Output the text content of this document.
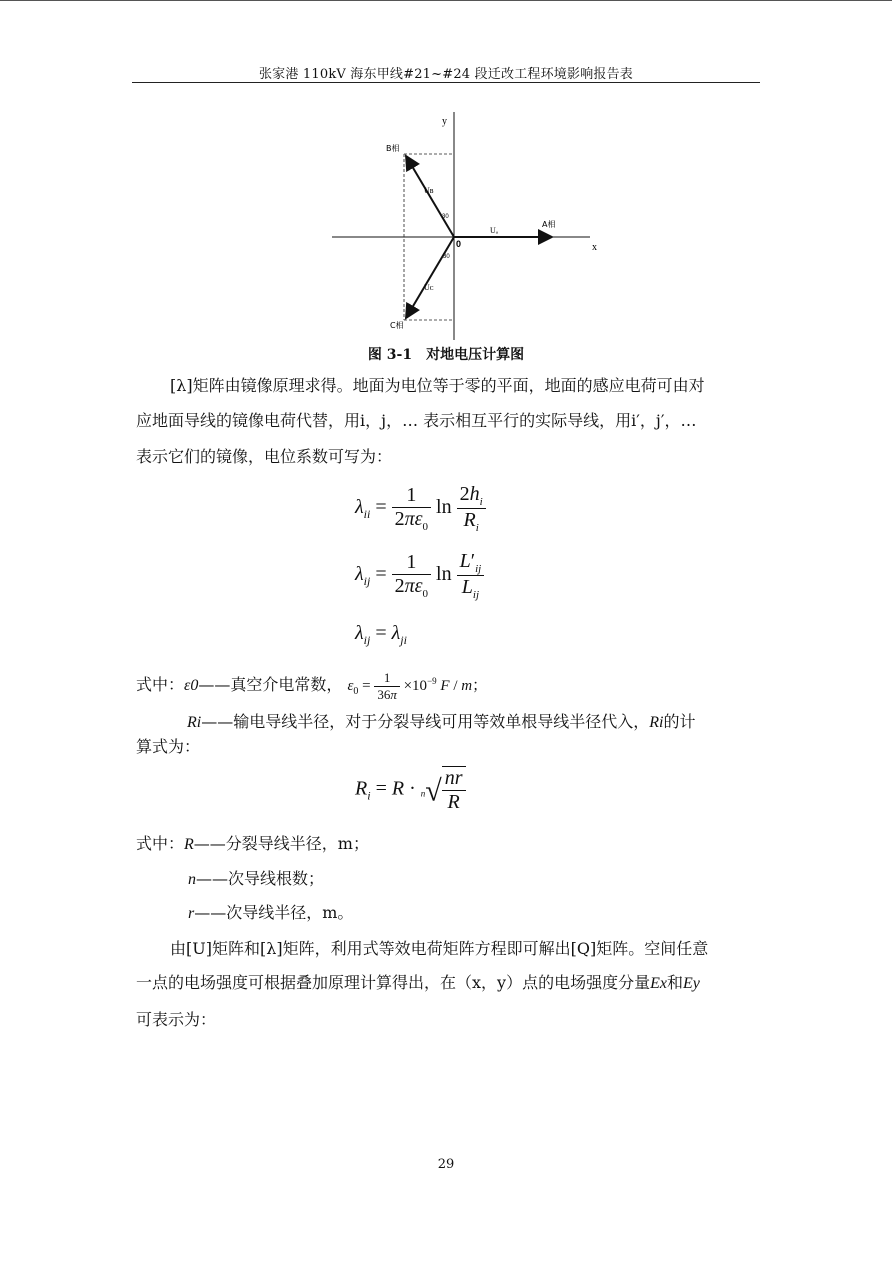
张家港 110kV 海东甲线#21~#24 段迁改工程环境影响报告表
y
x
0
A相
B相
C相
Uₐ
Uʙ
Uᴄ
30
30
图 3-1　对地电压计算图
[λ]矩阵由镜像原理求得。地面为电位等于零的平面，地面的感应电荷可由对
应地面导线的镜像电荷代替，用i，j，… 表示相互平行的实际导线，用i′，j′，…
表示它们的镜像，电位系数可写为：
$\lambda_{ii} = \frac{1}{2\pi\varepsilon_0}$ $\ln \frac{2h_i}{R_i}$
$\lambda_{ij} = \frac{1}{2\pi\varepsilon_0}$ $\ln \frac{L'_{ij}}{L_{ij}}$
$\lambda_{ij} = \lambda_{ji}$
式中：ε0——真空介电常数， $\varepsilon_0 = \frac{1}{36\pi} \times 10^{-9}$ F / m；
Ri——输电导线半径，对于分裂导线可用等效单根导线半径代入，Ri的计
算式为：
$R_i = R \cdot n√ \frac{nr}{R}$
式中：R——分裂导线半径，m；
n——次导线根数；
r——次导线半径，m。
由[U]矩阵和[λ]矩阵，利用式等效电荷矩阵方程即可解出[Q]矩阵。空间任意
一点的电场强度可根据叠加原理计算得出，在（x，y）点的电场强度分量Ex和Ey
可表示为：
29
